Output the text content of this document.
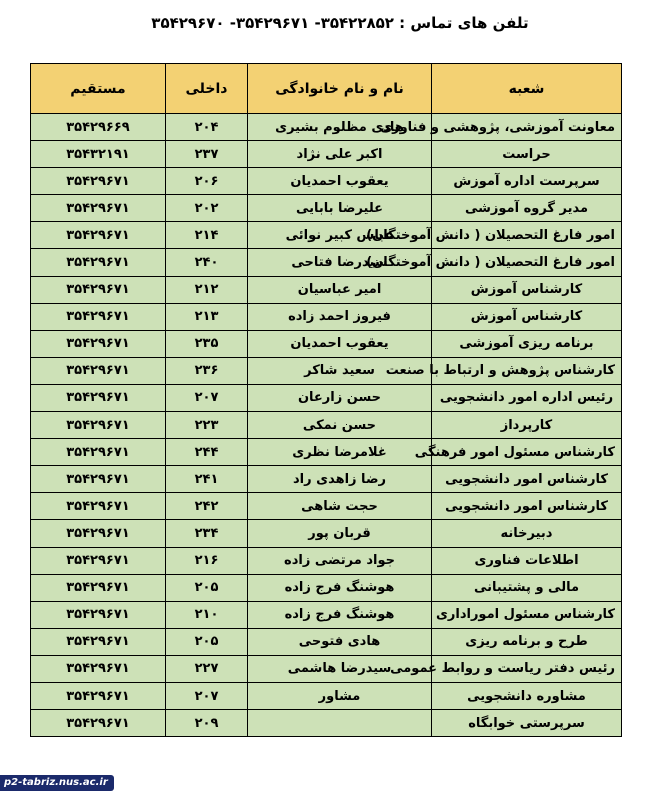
تلفن های تماس : ۳۵۴۲۲۸۵۲- ۳۵۴۲۹۶۷۱- ۳۵۴۲۹۶۷۰
شعبه	نام و نام خانوادگی	داخلی	مستقیم
معاونت آموزشی، پژوهشی و فناوری	هادی مظلوم بشیری	۲۰۴	۳۵۴۲۹۶۶۹
حراست	اکبر علی نژاد	۲۳۷	۳۵۴۳۲۱۹۱
سرپرست اداره آموزش	یعقوب احمدیان	۲۰۶	۳۵۴۲۹۶۷۱
مدیر گروه آموزشی	علیرضا بابایی	۲۰۲	۳۵۴۲۹۶۷۱
امور فارغ التحصیلان ( دانش آموختگان)	عباس کبیر نوائی	۲۱۴	۳۵۴۲۹۶۷۱
امور فارغ التحصیلان ( دانش آموختگان)	سیدرضا فتاحی	۲۴۰	۳۵۴۲۹۶۷۱
کارشناس آموزش	امیر عباسیان	۲۱۲	۳۵۴۲۹۶۷۱
کارشناس آموزش	فیروز احمد زاده	۲۱۳	۳۵۴۲۹۶۷۱
برنامه ریزی آموزشی	یعقوب احمدیان	۲۳۵	۳۵۴۲۹۶۷۱
کارشناس پژوهش و ارتباط با صنعت	سعید شاکر	۲۳۶	۳۵۴۲۹۶۷۱
رئیس اداره امور دانشجویی	حسن زارعان	۲۰۷	۳۵۴۲۹۶۷۱
کارپرداز	حسن نمکی	۲۲۳	۳۵۴۲۹۶۷۱
کارشناس مسئول امور فرهنگی	غلامرضا نظری	۲۴۴	۳۵۴۲۹۶۷۱
کارشناس امور دانشجویی	رضا زاهدی راد	۲۴۱	۳۵۴۲۹۶۷۱
کارشناس امور دانشجویی	حجت شاهی	۲۴۲	۳۵۴۲۹۶۷۱
دبیرخانه	قربان پور	۲۳۴	۳۵۴۲۹۶۷۱
اطلاعات فناوری	جواد مرتضی زاده	۲۱۶	۳۵۴۲۹۶۷۱
مالی و پشتیبانی	هوشنگ فرج زاده	۲۰۵	۳۵۴۲۹۶۷۱
کارشناس مسئول اموراداری	هوشنگ فرج زاده	۲۱۰	۳۵۴۲۹۶۷۱
طرح و برنامه ریزی	هادی فتوحی	۲۰۵	۳۵۴۲۹۶۷۱
رئیس دفتر ریاست و روابط عمومی	سیدرضا هاشمی	۲۲۷	۳۵۴۲۹۶۷۱
مشاوره دانشجویی	مشاور	۲۰۷	۳۵۴۲۹۶۷۱
سرپرستی خوابگاه		۲۰۹	۳۵۴۲۹۶۷۱
p2-tabriz.nus.ac.ir
